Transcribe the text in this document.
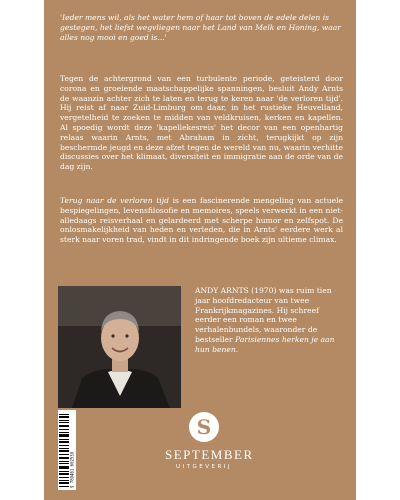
'Ieder mens wil, als het water hem of haar tot boven de edele delen is gestegen, het liefst wegvliegen naar het Land van Melk en Honing, waar alles nog mooi en goed is...'

Tegen de achtergrond van een turbulente periode, geteisterd door corona en groeiende maatschappelijke spanningen, besluit Andy Arnts de waanzin achter zich te laten en terug te keren naar 'de verloren tijd'. Hij reist af naar Zuid-Limburg om daar, in het rustieke Heuvelland, vergetelheid te zoeken te midden van veldkruisen, kerken en kapellen. Al spoedig wordt deze 'kapellekesreis' het decor van een openhartig relaas waarin Arnts, met Abraham in zicht, terugkijkt op zijn beschermde jeugd en deze afzet tegen de wereld van nu, waarin verhitte discussies over het klimaat, diversiteit en immigratie aan de orde van de dag zijn.

Terug naar de verloren tijd is een fascinerende mengeling van actuele bespiegelingen, levensfilosofie en memoires, speels verwerkt in een niet-alledaags reisverhaal en gelardeerd met scherpe humor en zelfspot. De onlosmakelijkheid van heden en verleden, die in Arnts' eerdere werk al sterk naar voren trad, vindt in dit indringende boek zijn ultieme climax.

ANDY ARNTS (1970) was ruim tien jaar hoofdredacteur van twee Frankrijkmagazines. Hij schreef eerder een roman en twee verhalenbundels, waaronder de bestseller Parisiennes herken je aan hun benen.

9 789461 602539
S
SEPTEMBER
UITGEVERIJ
